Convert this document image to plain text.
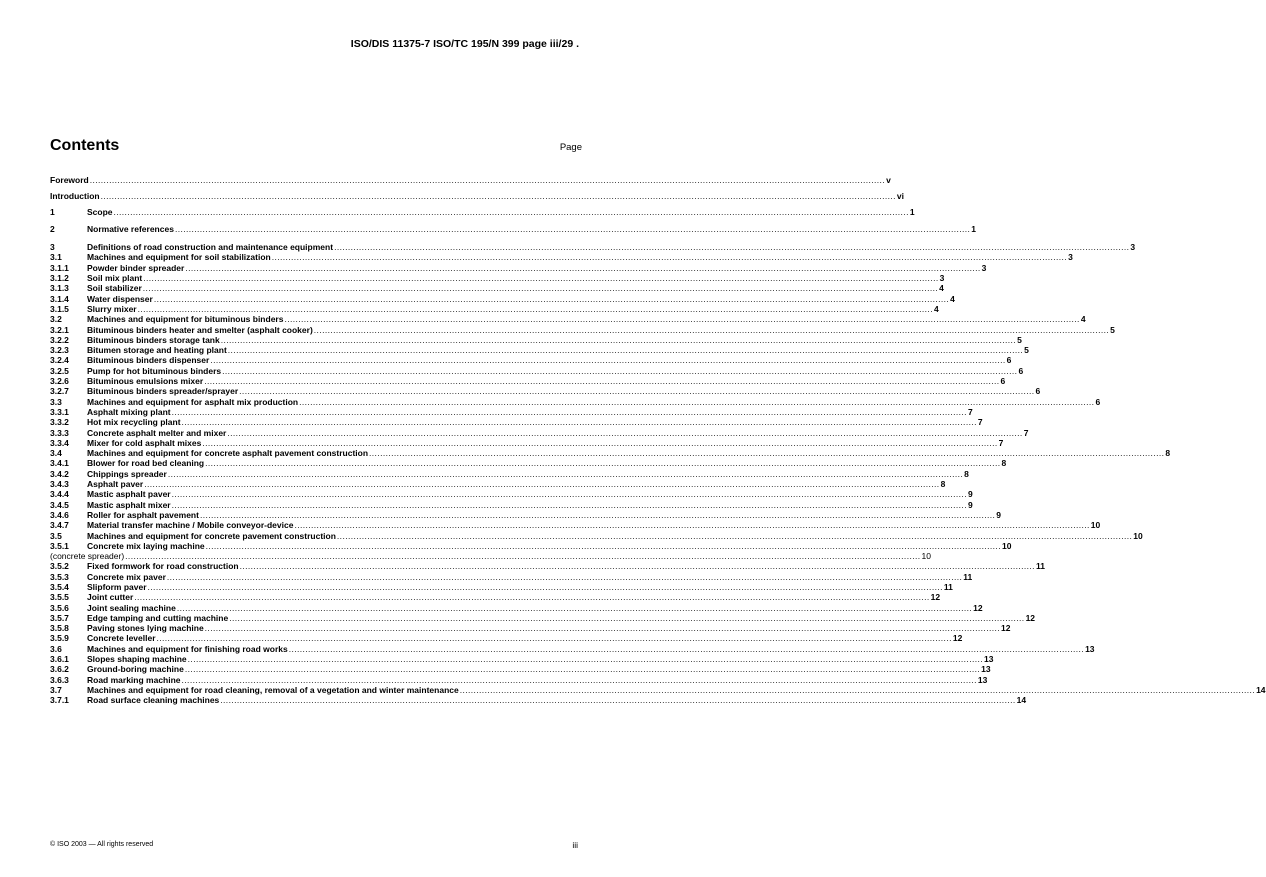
ISO/DIS 11375-7 ISO/TC 195/N 399 page iii/29 .
Contents	Page
Foreword ................................................................................................................................................................................................................................................................................................ v
Introduction ................................................................................................................................................................................................................................................................................................ vi
1	Scope ................................................................................................................................................................................................................................................................................................ 1
2	Normative references ................................................................................................................................................................................................................................................................................................ 1
3	Definitions of road construction and maintenance equipment ................................................................................................................................................................................................................................................................................................ 3
3.1	Machines and equipment for soil stabilization ................................................................................................................................................................................................................................................................................................ 3
3.1.1	Powder binder spreader ................................................................................................................................................................................................................................................................................................ 3
3.1.2	Soil mix plant ................................................................................................................................................................................................................................................................................................ 3
3.1.3	Soil stabilizer ................................................................................................................................................................................................................................................................................................ 4
3.1.4	Water dispenser ................................................................................................................................................................................................................................................................................................ 4
3.1.5	Slurry mixer ................................................................................................................................................................................................................................................................................................ 4
3.2	Machines and equipment for bituminous binders ................................................................................................................................................................................................................................................................................................ 4
3.2.1	Bituminous binders heater and smelter (asphalt cooker) ................................................................................................................................................................................................................................................................................................ 5
3.2.2	Bituminous binders storage tank ................................................................................................................................................................................................................................................................................................ 5
3.2.3	Bitumen storage and heating plant ................................................................................................................................................................................................................................................................................................ 5
3.2.4	Bituminous binders dispenser ................................................................................................................................................................................................................................................................................................ 6
3.2.5	Pump for hot bituminous binders ................................................................................................................................................................................................................................................................................................ 6
3.2.6	Bituminous emulsions mixer ................................................................................................................................................................................................................................................................................................ 6
3.2.7	Bituminous binders spreader/sprayer ................................................................................................................................................................................................................................................................................................ 6
3.3	Machines and equipment for asphalt mix production ................................................................................................................................................................................................................................................................................................ 6
3.3.1	Asphalt mixing plant ................................................................................................................................................................................................................................................................................................ 7
3.3.2	Hot mix recycling plant ................................................................................................................................................................................................................................................................................................ 7
3.3.3	Concrete asphalt melter and mixer ................................................................................................................................................................................................................................................................................................ 7
3.3.4	Mixer for cold asphalt mixes ................................................................................................................................................................................................................................................................................................ 7
3.4	Machines and equipment for concrete asphalt pavement construction ................................................................................................................................................................................................................................................................................................ 8
3.4.1	Blower for road bed cleaning ................................................................................................................................................................................................................................................................................................ 8
3.4.2	Chippings spreader ................................................................................................................................................................................................................................................................................................ 8
3.4.3	Asphalt paver ................................................................................................................................................................................................................................................................................................ 8
3.4.4	Mastic asphalt paver ................................................................................................................................................................................................................................................................................................ 9
3.4.5	Mastic asphalt mixer ................................................................................................................................................................................................................................................................................................ 9
3.4.6	Roller for asphalt pavement ................................................................................................................................................................................................................................................................................................ 9
3.4.7	Material transfer machine / Mobile conveyor-device ................................................................................................................................................................................................................................................................................................ 10
3.5	Machines and equipment for concrete pavement construction ................................................................................................................................................................................................................................................................................................ 10
3.5.1	Concrete mix laying machine ................................................................................................................................................................................................................................................................................................ 10
(concrete spreader) ................................................................................................................................................................................................................................................................................................ 10
3.5.2	Fixed formwork for road construction ................................................................................................................................................................................................................................................................................................ 11
3.5.3	Concrete mix paver ................................................................................................................................................................................................................................................................................................ 11
3.5.4	Slipform paver ................................................................................................................................................................................................................................................................................................ 11
3.5.5	Joint cutter ................................................................................................................................................................................................................................................................................................ 12
3.5.6	Joint sealing machine ................................................................................................................................................................................................................................................................................................ 12
3.5.7	Edge tamping and cutting machine ................................................................................................................................................................................................................................................................................................ 12
3.5.8	Paving stones lying machine ................................................................................................................................................................................................................................................................................................ 12
3.5.9	Concrete leveller ................................................................................................................................................................................................................................................................................................ 12
3.6	Machines and equipment for finishing road works ................................................................................................................................................................................................................................................................................................ 13
3.6.1	Slopes shaping machine ................................................................................................................................................................................................................................................................................................ 13
3.6.2	Ground-boring machine ................................................................................................................................................................................................................................................................................................ 13
3.6.3	Road marking machine ................................................................................................................................................................................................................................................................................................ 13
3.7	Machines and equipment for road cleaning, removal of a vegetation and winter maintenance ................................................................................................................................................................................................................................................................................................ 14
3.7.1	Road surface cleaning machines ................................................................................................................................................................................................................................................................................................ 14
© ISO 2003 — All rights reserved	iii
